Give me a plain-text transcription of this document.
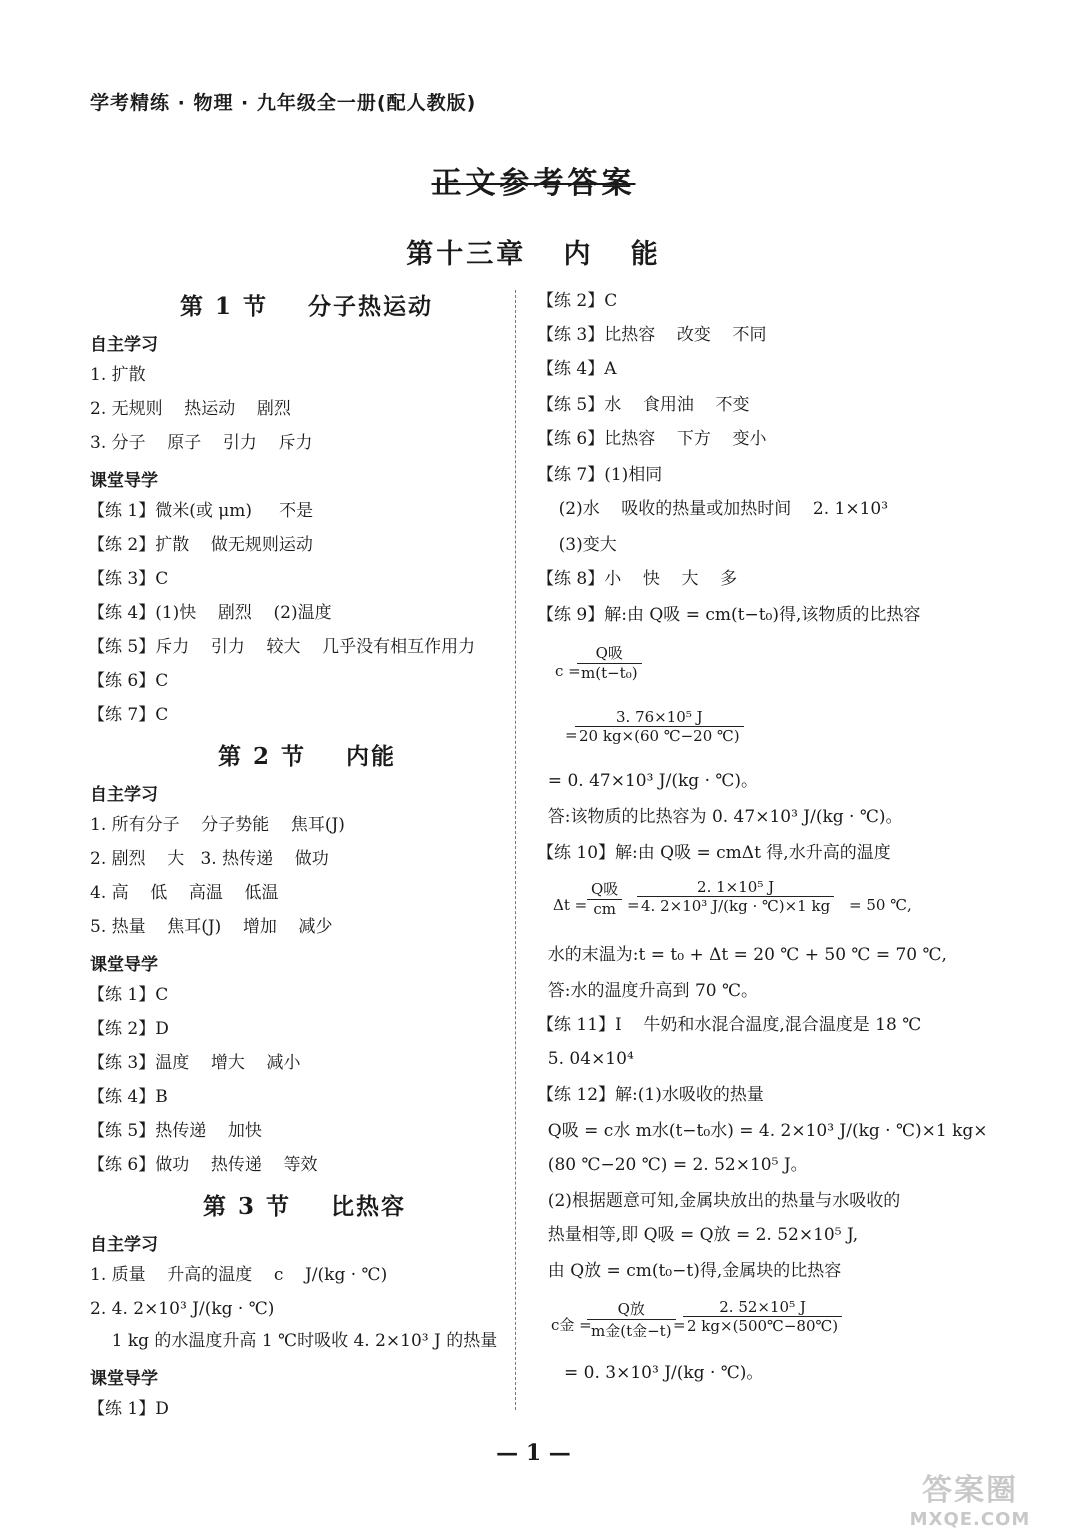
学考精练 · 物理 · 九年级全一册(配人教版)
正文参考答案
第十三章   内   能
第 1 节    分子热运动
自主学习
1. 扩散
2. 无规则    热运动    剧烈
3. 分子    原子    引力    斥力
课堂导学
【练 1】微米(或 μm)     不是
【练 2】扩散    做无规则运动
【练 3】C
【练 4】(1)快    剧烈    (2)温度
【练 5】斥力    引力    较大    几乎没有相互作用力
【练 6】C
【练 7】C
第 2 节    内能
自主学习
1. 所有分子    分子势能    焦耳(J)
2. 剧烈    大   3. 热传递    做功
4. 高    低    高温    低温
5. 热量    焦耳(J)    增加    减少
课堂导学
【练 1】C
【练 2】D
【练 3】温度    增大    减小
【练 4】B
【练 5】热传递    加快
【练 6】做功    热传递    等效
第 3 节    比热容
自主学习
1. 质量    升高的温度    c    J/(kg · ℃)
2. 4. 2×10³ J/(kg · ℃)
1 kg 的水温度升高 1 ℃时吸收 4. 2×10³ J 的热量
课堂导学
【练 1】D
【练 2】C
【练 3】比热容    改变    不同
【练 4】A
【练 5】水    食用油    不变
【练 6】比热容    下方    变小
【练 7】(1)相同
(2)水    吸收的热量或加热时间    2. 1×10³
(3)变大
【练 8】小    快    大    多
【练 9】解:由 Q吸 = cm(t−t₀)得,该物质的比热容
c =
Q吸
m(t−t₀)
=
$\frac{\text{3. 76×10⁵ J}}{20 kg\times(60 ℃-20 ℃)}$
= 0. 47×10³ J/(kg · ℃)。
答:该物质的比热容为 0. 47×10³ J/(kg · ℃)。
【练 10】解:由 Q吸 = cmΔt 得,水升高的温度
Δt =
Q吸
cm =
$\frac{\text{2. 1×10⁵ J}}{\text{4. 2×10³ J/(kg · ℃)×1 kg}} = 50$ ℃,
水的末温为:t = t₀ + Δt = 20 ℃ + 50 ℃ = 70 ℃,
答:水的温度升高到 70 ℃。
【练 11】I    牛奶和水混合温度,混合温度是 18 ℃
5. 04×10⁴
【练 12】解:(1)水吸收的热量
Q吸 = c水 m水(t−t₀水) = 4. 2×10³ J/(kg · ℃)×1 kg×
(80 ℃−20 ℃) = 2. 52×10⁵ J。
(2)根据题意可知,金属块放出的热量与水吸收的
热量相等,即 Q吸 = Q放 = 2. 52×10⁵ J,
由 Q放 = cm(t₀−t)得,金属块的比热容
c金 =
Q放
m金(t金−t) =
$\frac{\text{2. 52×10⁵ J}}{2 kg\times(500℃-80℃)}$
= 0. 3×10³ J/(kg · ℃)。
— 1 —
答案圈
MXQE.COM
